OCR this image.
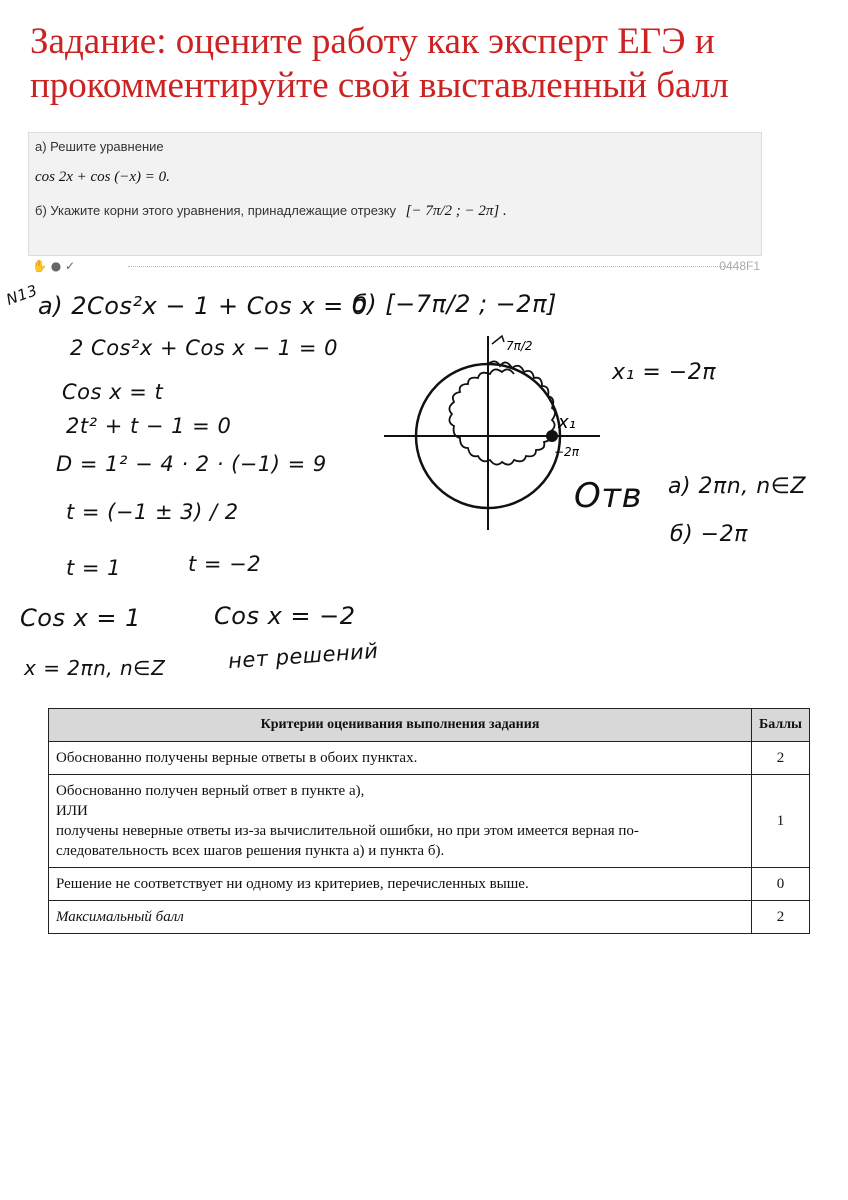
Задание: оцените работу как эксперт ЕГЭ и прокомментируйте свой выставленный балл
а) Решите уравнение
cos 2x + cos (−x) = 0.
б) Укажите корни этого уравнения, принадлежащие отрезку [− 7π/2 ; − 2π] .
✋ ● ✓	0448F1
N13
а) 2Cos²x − 1 + Cos x = 0
2 Cos²x + Cos x − 1 = 0
Cos x = t
2t² + t − 1 = 0
D = 1² − 4 · 2 · (−1) = 9
t = (−1 ± 3) / 2
t = 1	t = −2
Cos x = 1	Cos x = −2
x = 2πn, n∈Z	нет решений
б) [−7π/2 ; −2π]
7π/2
x₁
−2π
x₁ = −2π
Отв а) 2πn, n∈Z
б) −2π
Критерии оценивания выполнения задания	Баллы
Обоснованно получены верные ответы в обоих пунктах.	2

Обоснованно получен верный ответ в пункте а),
ИЛИ
получены неверные ответы из-за вычислительной ошибки, но при этом имеется верная по-
следовательность всех шагов решения пункта а) и пункта б).	1
Решение не соответствует ни одному из критериев, перечисленных выше.	0
Максимальный балл	2
